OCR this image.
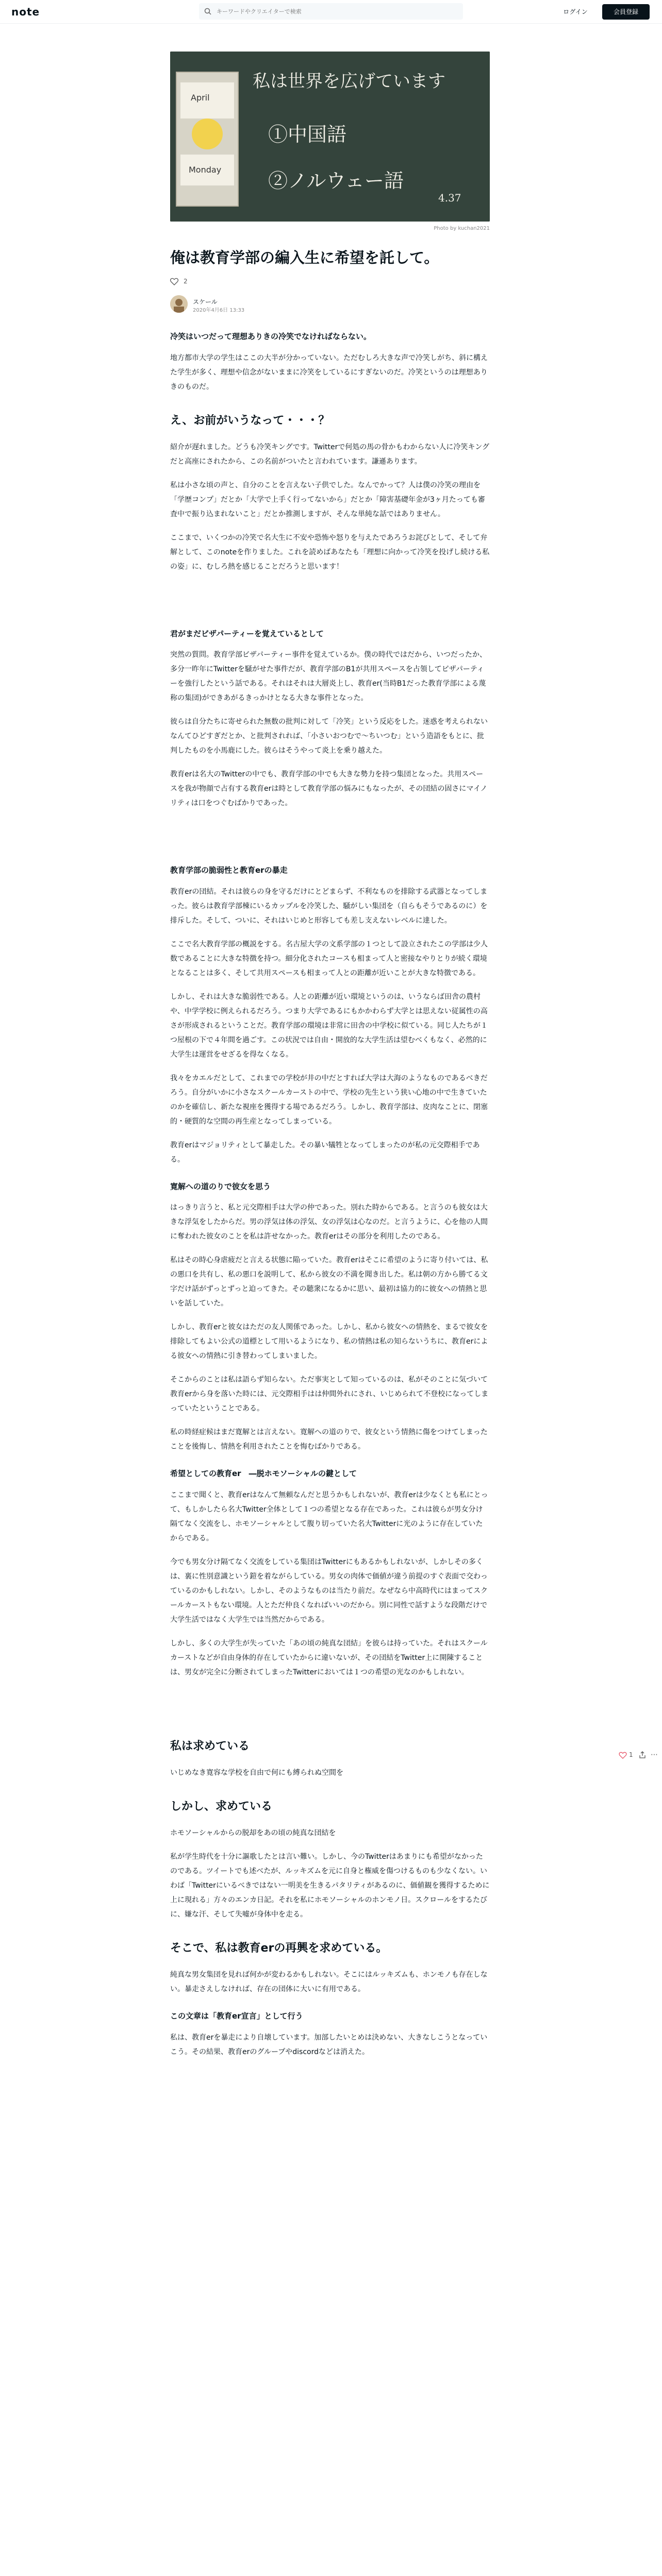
note
キーワードやクリエイターで検索	ログイン	会員登録
私は世界を広げています
April
Monday
①中国語
②ノルウェー語
4.37
Photo by kuchan2021
俺は教育学部の編入生に希望を託して。
2
スケール
2020年4月6日 13:33
冷笑はいつだって理想ありきの冷笑でなければならない。
地方都市大学の学生はここの大半が分かっていない。ただむしろ大きな声で冷笑しがち、斜に構えた学生が多く、理想や信念がないままに冷笑をしているにすぎないのだ。冷笑というのは理想ありきのものだ。
え、お前がいうなって・・・？
紹介が遅れました。どうも冷笑キングです。Twitterで何処の馬の骨かもわからない人に冷笑キングだと高座にされたから、この名前がついたと言われています。謙遜あります。
私は小さな頃の声と、自分のことを言えない子供でした。なんでかって？人は僕の冷笑の理由を「学歴コンプ」だとか「大学で上手く行ってないから」だとか「障害基礎年金が3ヶ月たっても審査中で振り込まれないこと」だとか推測しますが、そんな単純な話ではありません。
ここまで、いくつかの冷笑で名大生に不安や恐怖や怒りを与えたであろうお詫びとして、そして弁解として、このnoteを作りました。これを読めばあなたも「理想に向かって冷笑を投げし続ける私の姿」に、むしろ熱を感じることだろうと思います！
君がまだビザパーティーを覚えているとして
突然の質問。教育学部ビザパーティー事件を覚えているか。僕の時代ではだから、いつだったか、多分一昨年にTwitterを騒がせた事件だが、教育学部のB1が共用スペースを占領してピザパーティーを強行したという話である。それはそれは大層炎上し、教育er(当時B1だった教育学部による蔑称の集団)ができあがるきっかけとなる大きな事件となった。
彼らは自分たちに寄せられた無数の批判に対して「冷笑」という反応をした。迷惑を考えられないなんてひどすぎだとか、と批判されれば、「小さいおつむで〜ちいつむ」という造語をもとに、批判したものを小馬鹿にした。彼らはそうやって炎上を乗り越えた。
教育erは名大のTwitterの中でも、教育学部の中でも大きな勢力を持つ集団となった。共用スペースを我が物顔で占有する教育erは時として教育学部の悩みにもなったが、その団結の固さにマイノリティは口をつぐむばかりであった。
教育学部の脆弱性と教育erの暴走
教育erの団結。それは彼らの身を守るだけにとどまらず、不利なものを排除する武器となってしまった。彼らは教育学部棟にいるカップルを冷笑した、騒がしい集団を（自らもそうであるのに）を排斥した。そして、ついに、それはいじめと形容しても差し支えないレベルに達した。
ここで名大教育学部の概説をする。名古屋大学の文系学部の１つとして設立されたこの学部は少人数であることに大きな特徴を持つ。細分化されたコースも相まって人と密接なやりとりが続く環境となることは多く、そして共用スペースも相まって人との距離が近いことが大きな特徴である。
しかし、それは大きな脆弱性である。人との距離が近い環境というのは、いうならば田舎の農村や、中学学校に例えられるだろう。つまり大学であるにもかかわらず大学とは思えない従属性の高さが形成されるということだ。教育学部の環境は非常に田舎の中学校に似ている。同じ人たちが１つ屋根の下で４年間を過ごす。この状況では自由・開放的な大学生活は望むべくもなく、必然的に大学生は運営をせざるを得なくなる。
我々をカエルだとして、これまでの学校が井の中だとすれば大学は大海のようなものであるべきだろう。自分がいかに小さなスクールカーストの中で、学校の先生という狭い心地の中で生きていたのかを確信し、新たな視座を獲得する場であるだろう。しかし、教育学部は、皮肉なことに、閉塞的・硬質的な空間の再生産となってしまっている。
教育erはマジョリティとして暴走した。その暴い犠牲となってしまったのが私の元交際相手である。
寛解への道のりで彼女を思う
はっきり言うと、私と元交際相手は大学の仲であった。別れた時からである。と言うのも彼女は大きな浮気をしたからだ。男の浮気は体の浮気、女の浮気は心なのだ。と言うように、心を他の人間に奪われた彼女のことを私は許せなかった。教育erはその部分を利用したのである。
私はその時心身虐疲だと言える状態に陥っていた。教育erはそこに希望のように寄り付いては、私の悪口を共有し、私の悪口を説明して、私から彼女の不満を聞き出した。私は朝の方から勝てる文字だけ話がずっとずっと迫ってきた。その聴衆になるかに思い、最初は協力的に彼女への情熱と思いを話していた。
しかし、教育erと彼女はただの友人関係であった。しかし、私から彼女への情熱を、まるで彼女を排除してもよい公式の道標として用いるようになり、私の情熱は私の知らないうちに、教育erによる彼女への情熱に引き替わってしまいました。
そこからのことは私は語らず知らない。ただ事実として知っているのは、私がそのことに気づいて教育erから身を落いた時には、元交際相手はは仲間外れにされ、いじめられて不登校になってしまっていたということである。
私の時経症候はまだ寛解とは言えない。寛解への道のりで、彼女という情熱に傷をつけてしまったことを後悔し、情熱を利用されたことを悔むばかりである。
希望としての教育er　―脱ホモソーシャルの鍵として
ここまで聞くと、教育erはなんて無頼なんだと思うかもしれないが、教育erは少なくとも私にとって、もしかしたら名大Twitter全体として１つの希望となる存在であった。これは彼らが男女分け隔てなく交流をし、ホモソーシャルとして腹り切っていた名大Twitterに光のように存在していたからである。
今でも男女分け隔てなく交流をしている集団はTwitterにもあるかもしれないが、しかしその多くは、裏に性別意識という鎧を着ながらしている。男女の肉体で価値が違う前提のすぐ表面で交わっているのかもしれない。しかし、そのようなものは当たり前だ。なぜなら中高時代にはまってスクールカーストもない環境。人とただ仲良くなればいいのだから。別に同性で話すような段階だけで大学生活ではなく大学生では当然だからである。
しかし、多くの大学生が失っていた「あの頃の純真な団結」を彼らは持っていた。それはスクールカーストなどが自由身体的存在していたからに違いないが、その団結をTwitter上に開陳することは、男女が完全に分断されてしまったTwitterにおいては１つの希望の光なのかもしれない。
私は求めている
いじめなき寛容な学校を自由で何にも縛られぬ空間を
しかし、求めている
ホモソーシャルからの脱却をあの頃の純真な団結を
私が学生時代を十分に謳歌したとは言い難い。しかし、今のTwitterはあまりにも希望がなかったのである。ツイートでも述べたが、ルッキズムを元に自身と権威を傷つけるものも少なくない。いわば「Twitterにいるべきではない一明美を生きるパタリティがあるのに、価値観を獲得するために上に現れる」方々のエンカ日記。それを私にホモソーシャルのホンモノ日。スクロールをするたびに、嫌な汗、そして失嘘が身体中を走る。
そこで、私は教育erの再興を求めている。
純真な男女集団を見れば何かが変わるかもしれない。そこにはルッキズムも、ホンモノも存在しない。暴走さえしなければ、存在の団体に大いに有用である。
この文章は「教育er宣言」として行う
私は、教育erを暴走により自壊しています。加部したいとめは決めない、大きなしこうとなっていこう。その結果、教育erのグループやdiscordなどは消えた。
1 ⋯
